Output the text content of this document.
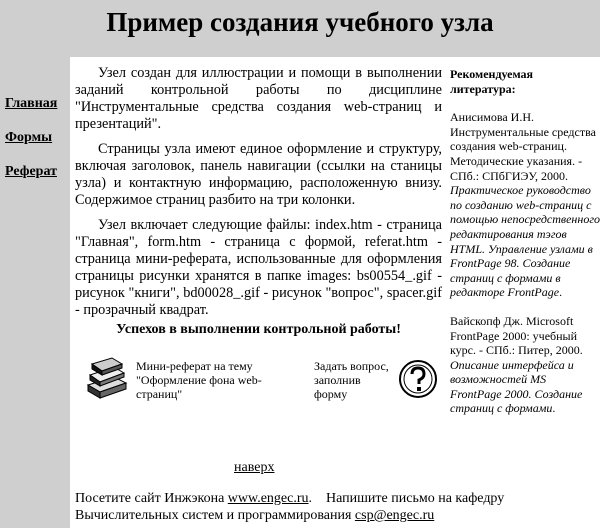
Пример создания учебного узла
Главная
Формы
Реферат

Узел создан для иллюстрации и помощи в выполнении заданий контрольной работы по дисциплине "Инструментальные средства создания web-страниц и презентаций".

Страницы узла имеют единое оформление и структуру, включая заголовок, панель навигации (ссылки на станицы узла) и контактную информацию, расположенную внизу. Содержимое страниц разбито на три колонки.

Узел включает следующие файлы: index.htm - страница "Главная", form.htm - страница с формой, referat.htm - страница мини-реферата, использованные для оформления страницы рисунки хранятся в папке images: bs00554_.gif - рисунок "книги", bd00028_.gif - рисунок "вопрос", spacer.gif - прозрачный квадрат.

Успехов в выполнении контрольной работы!
Мини-реферат на тему "Оформление фона web-страниц"
Задать вопрос, заполнив форму
наверх
Посетите сайт Инжэкона www.engec.ru. Напишите письмо на кафедру Вычислительных систем и программирования csp@engec.ru
Рекомендуемая литература:

Анисимова И.Н. Инструментальные средства создания web-страниц. Методические указания. - СПб.: СПбГИЭУ, 2000. Практическое руководство по созданию web-страниц с помощью непосредственного редактирования тэгов HTML. Управление узлами в FrontPage 98. Создание страниц с формами в редакторе FrontPage.

Вайскопф Дж. Microsoft FrontPage 2000: учебный курс. - СПб.: Питер, 2000. Описание интерфейса и возможностей MS FrontPage 2000. Создание страниц с формами.
